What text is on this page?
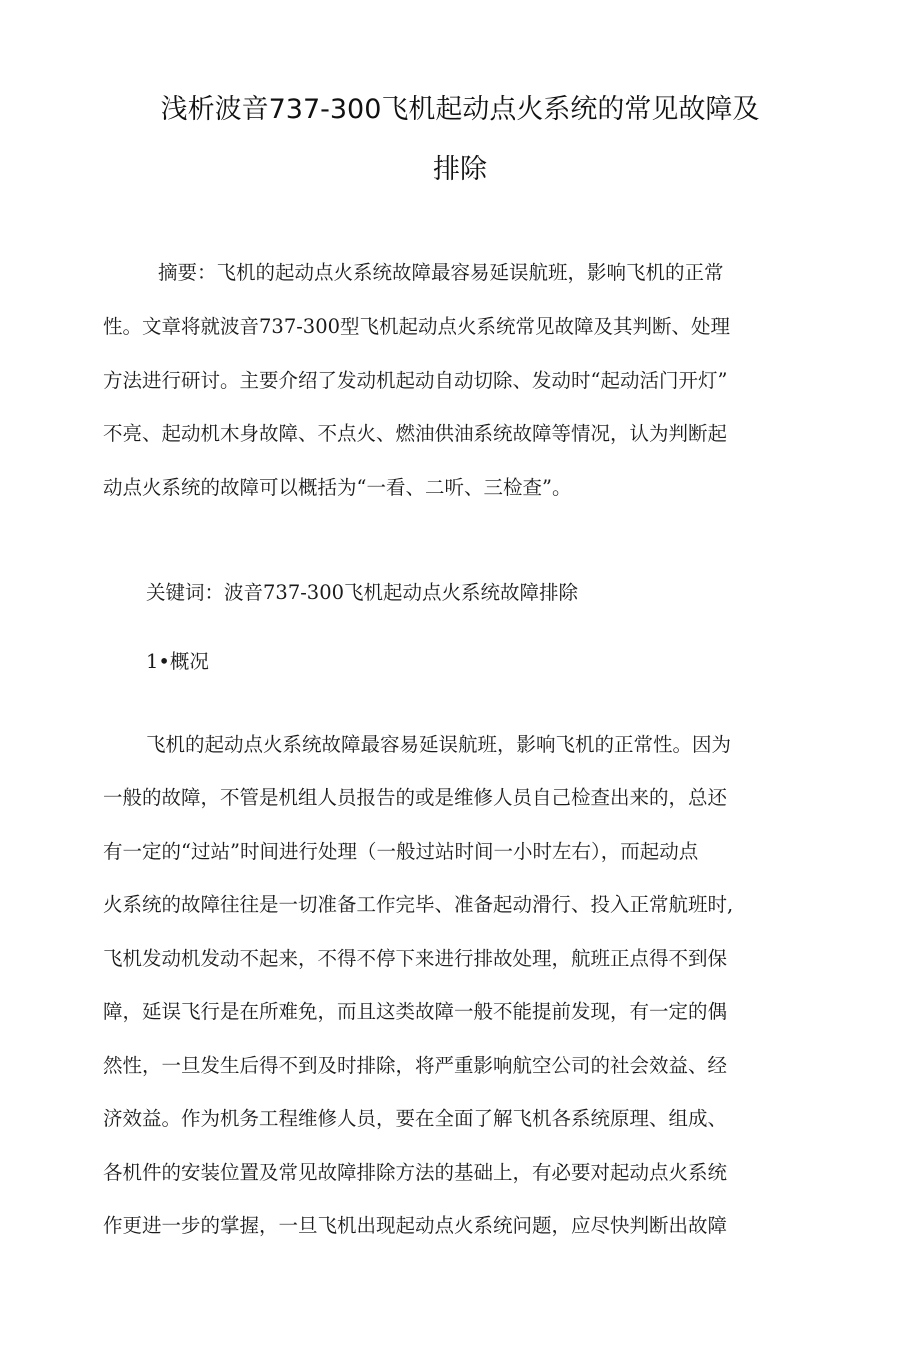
浅析波音737-300飞机起动点火系统的常见故障及
排除
摘要：飞机的起动点火系统故障最容易延误航班，影响飞机的正常
性。文章将就波音737-300型飞机起动点火系统常见故障及其判断、处理
方法进行研讨。主要介绍了发动机起动自动切除、发动时“起动活门开灯”
不亮、起动机木身故障、不点火、燃油供油系统故障等情况，认为判断起
动点火系统的故障可以概括为“一看、二听、三检查”。
关键词：波音737-300飞机起动点火系统故障排除
1•概况
飞机的起动点火系统故障最容易延误航班，影响飞机的正常性。因为
一般的故障，不管是机组人员报告的或是维修人员自己检查出来的，总还
有一定的“过站”时间进行处理（一般过站时间一小时左右），而起动点
火系统的故障往往是一切准备工作完毕、准备起动滑行、投入正常航班时,
飞机发动机发动不起来，不得不停下来进行排故处理，航班正点得不到保
障，延误飞行是在所难免，而且这类故障一般不能提前发现，有一定的偶
然性，一旦发生后得不到及时排除，将严重影响航空公司的社会效益、经
济效益。作为机务工程维修人员，要在全面了解飞机各系统原理、组成、
各机件的安装位置及常见故障排除方法的基础上，有必要对起动点火系统
作更进一步的掌握，一旦飞机出现起动点火系统问题，应尽快判断出故障
